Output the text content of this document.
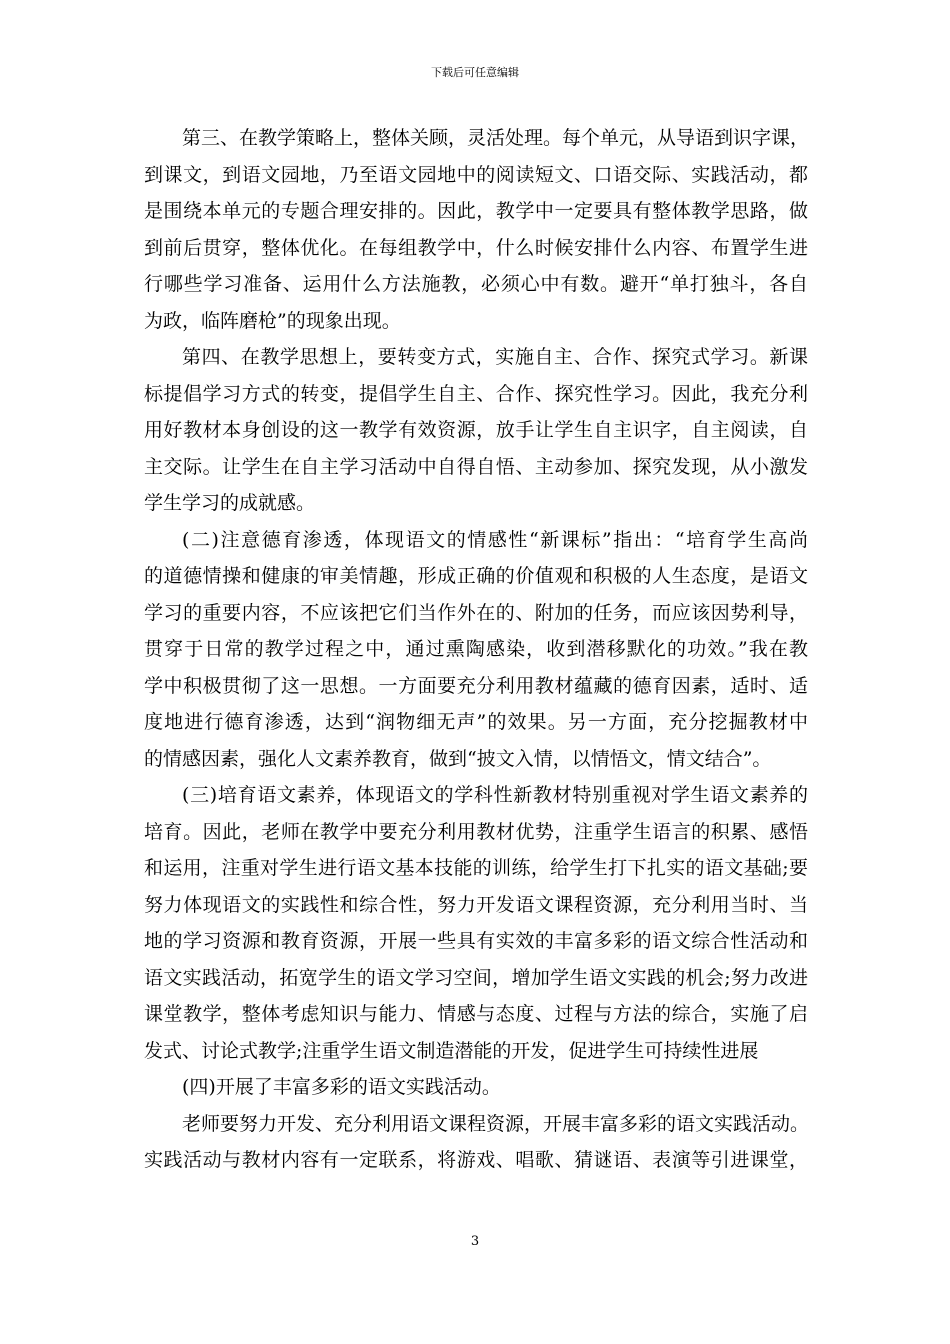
下载后可任意编辑
第三、在教学策略上，整体关顾，灵活处理。每个单元，从导语到识字课，
到课文，到语文园地，乃至语文园地中的阅读短文、口语交际、实践活动，都
是围绕本单元的专题合理安排的。因此，教学中一定要具有整体教学思路，做
到前后贯穿，整体优化。在每组教学中，什么时候安排什么内容、布置学生进
行哪些学习准备、运用什么方法施教，必须心中有数。避开“单打独斗，各自
为政，临阵磨枪”的现象出现。
第四、在教学思想上，要转变方式，实施自主、合作、探究式学习。新课
标提倡学习方式的转变，提倡学生自主、合作、探究性学习。因此，我充分利
用好教材本身创设的这一教学有效资源，放手让学生自主识字，自主阅读，自
主交际。让学生在自主学习活动中自得自悟、主动参加、探究发现，从小激发
学生学习的成就感。
(二)注意德育渗透，体现语文的情感性“新课标”指出：“培育学生高尚
的道德情操和健康的审美情趣，形成正确的价值观和积极的人生态度，是语文
学习的重要内容，不应该把它们当作外在的、附加的任务，而应该因势利导，
贯穿于日常的教学过程之中，通过熏陶感染，收到潜移默化的功效。”我在教
学中积极贯彻了这一思想。一方面要充分利用教材蕴藏的德育因素，适时、适
度地进行德育渗透，达到“润物细无声”的效果。另一方面，充分挖掘教材中
的情感因素，强化人文素养教育，做到“披文入情，以情悟文，情文结合”。
(三)培育语文素养，体现语文的学科性新教材特别重视对学生语文素养的
培育。因此，老师在教学中要充分利用教材优势，注重学生语言的积累、感悟
和运用，注重对学生进行语文基本技能的训练，给学生打下扎实的语文基础;要
努力体现语文的实践性和综合性，努力开发语文课程资源，充分利用当时、当
地的学习资源和教育资源，开展一些具有实效的丰富多彩的语文综合性活动和
语文实践活动，拓宽学生的语文学习空间，增加学生语文实践的机会;努力改进
课堂教学，整体考虑知识与能力、情感与态度、过程与方法的综合，实施了启
发式、讨论式教学;注重学生语文制造潜能的开发，促进学生可持续性进展
(四)开展了丰富多彩的语文实践活动。
老师要努力开发、充分利用语文课程资源，开展丰富多彩的语文实践活动。
实践活动与教材内容有一定联系，将游戏、唱歌、猜谜语、表演等引进课堂，
3
